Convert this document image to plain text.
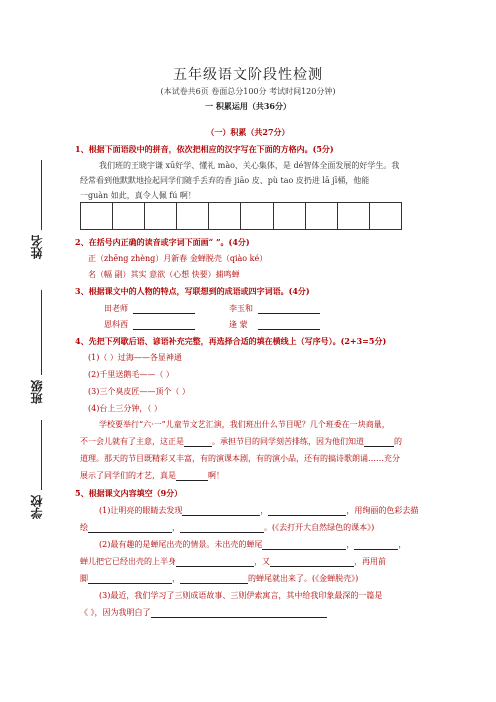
五年级语文阶段性检测
(本试卷共6页 卷面总分100分 考试时间120分钟)
一 积累运用（共36分）
（一）积累（共27分）
1、根据下面语段中的拼音，依次把相应的汉字写在下面的方格内。(5分)
我们班的王晓宇谦 xū好学、懂礼 mào、关心集体，是 dé智体全面发展的好学生。我
经常看到他默默地捡起同学们随手丢弃的香 jiāo 皮、pù tao 皮扔进 lā jī桶，他能
一guàn 如此，真令人佩 fú 啊！
2、在括号内正确的读音或字词下面画“ ”。(4分)
正（zhēng zhèng）月新春 金蝉脱壳（qiào ké）
名（幅 副）其实 意欲（心想 快要）捕鸣蝉
3、根据课文中的人物的特点，写联想到的成语或四字词语。(4分)
田老师	李玉和
恩科西	逢 蒙
4、先把下列歇后语、谚语补充完整，再选择合适的填在横线上（写序号）。(2+3=5分)
(1)（ ）过海——各显神通
(2)千里送鹅毛——（ ）
(3)三个臭皮匠——顶个（ ）
(4)台上三分钟，（ ）
学校要举行“六·一”儿童节文艺汇演，我们班出什么节目呢？几个班委在一块商量，
不一会儿就有了主意，这正是	。承担节目的同学刻苦排练，因为他们知道	的
道理。那天的节目既精彩又丰富，有的演课本剧，有的演小品，还有的搞诗歌朗诵……充分
展示了同学们的才艺，真是	啊！
5、根据课文内容填空（9分）
(1)让明亮的眼睛去发现	，	，用绚丽的色彩去描
绘	，	。(《去打开大自然绿色的课本》)
(2)最有趣的是蝉尾出壳的情景。未出壳的蝉尾	，	，
蝉儿把它已经出壳的上半身	，又	，再用前
脚	，	的蝉尾就出来了。(《金蝉脱壳》)
(3)最近，我们学习了三则成语故事、三则伊索寓言，其中给我印象最深的一篇是
《 》，因为我明白了
姓名
班级
学校
